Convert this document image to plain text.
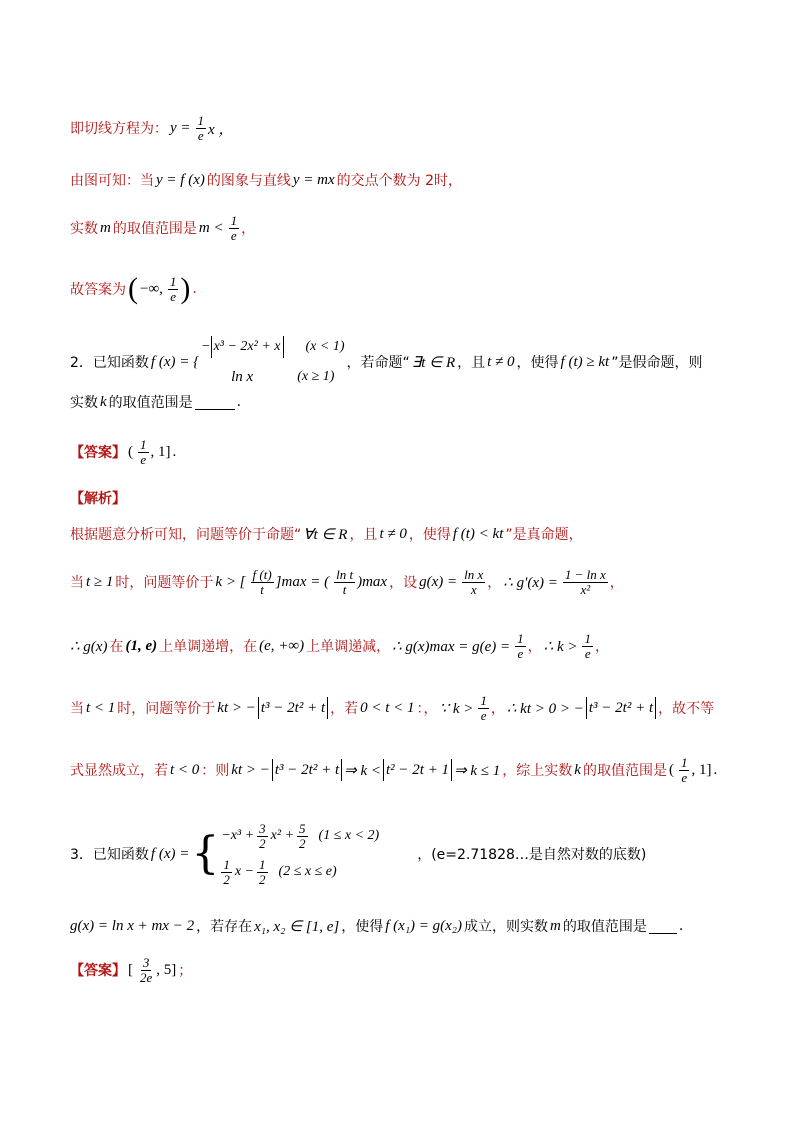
即切线方程为： $y = \frac{1}{e}$ x ，
由图可知：当 y = f (x) 的图象与直线 y = mx 的交点个数为 2时，
实数 m 的取值范围是 $m < \frac{1}{e}$ ，
故答案为 ( −∞, $\frac{1}{e}$ ) .
2．已知函数 f (x) = {
− x³ − 2x² + x (x < 1)
ln x	(x ≥ 1)
，若命题“ ∃t ∈ R ，且 t ≠ 0 ，使得 f (t) ≥ kt ”是假命题，则
实数 k 的取值范围是	.
【答案】 ( $\frac{1}{e}$ , 1] .
【解析】
根据题意分析可知，问题等价于命题“ ∀t ∈ R ，且 t ≠ 0 ，使得 f (t) < kt ”是真命题，
当 t ≥ 1 时，问题等价于 k > [ $\frac{f (t)}{t} ]\max$ = ( $\frac{\text{ln t}}{t} )\max$ ，设 $g(x) = \frac{\text{ln x}}{x}$ ， ∴ $g'(x) = \frac{\text{1 − ln x}}{\text{x²}}$ ，
∴ g(x) 在 (1, e) 上单调递增，在 (e, +∞) 上单调递减， ∴ $g(x)\max = g(e) = \frac{1}{e}$ ， ∴ $k > \frac{1}{e}$ ，
当 t < 1 时，问题等价于 kt > − t³ − 2t² + t ，若 0 < t < 1 ：， ∵ $k > \frac{1}{e}$ ， ∴ kt > 0 > − t³ − 2t² + t ，故不等
式显然成立，若 t < 0 ：则 kt > − t³ − 2t² + t ⇒ k < t² − 2t + 1 ⇒ k ≤ 1 ，综上实数 k 的取值范围是 ( $\frac{1}{e}$ , 1] .
3．已知函数 f (x) = { $-x^3 + \frac{3}{2} x^2 + \frac{5}{2} (1 \le x < 2)$
$\frac{1}{2}$ $x - \frac{1}{2} (2 \le x \le e)$
，(e=2.71828…是自然对数的底数)
g(x) = ln x + mx − 2 ，若存在 x₁, x₂ ∈ [1, e] ，使得 f (x₁) = g(x₂) 成立，则实数 m 的取值范围是 .
【答案】 [ $\frac{3}{2e}$ , 5] ；
